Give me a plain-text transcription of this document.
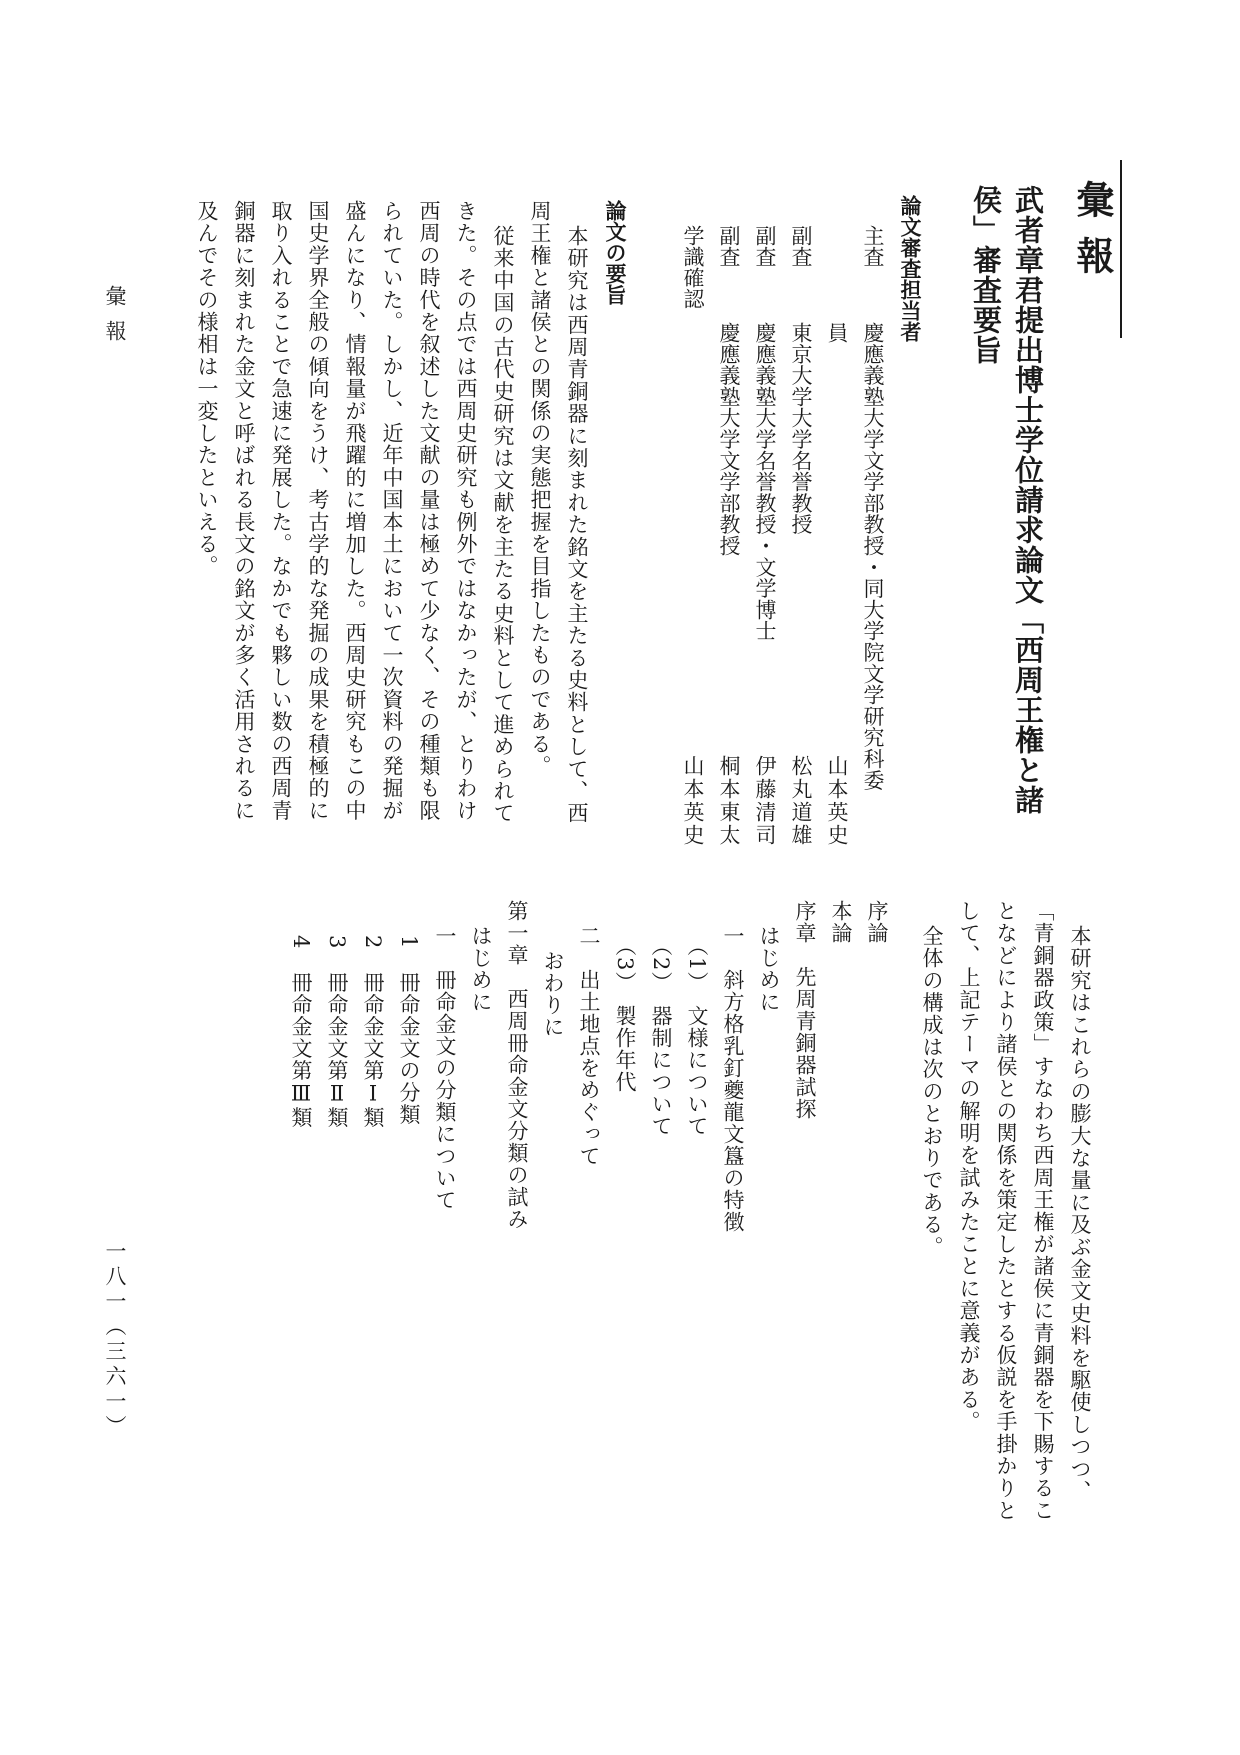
彙報
武者章君提出博士学位請求論文「西周王権と諸
侯」審査要旨
論文審査担当者
主査
慶應義塾大学文学部教授・同大学院文学研究科委
員
山本英史
副査
東京大学大学名誉教授
松丸道雄
副査
慶應義塾大学名誉教授・文学博士
伊藤清司
副査
慶應義塾大学文学部教授
桐本東太
学識確認
山本英史
論文の要旨
本研究は西周青銅器に刻まれた銘文を主たる史料として、西
周王権と諸侯との関係の実態把握を目指したものである。
従来中国の古代史研究は文献を主たる史料として進められて
きた。その点では西周史研究も例外ではなかったが、とりわけ
西周の時代を叙述した文献の量は極めて少なく、その種類も限
られていた。しかし、近年中国本土において一次資料の発掘が
盛んになり、情報量が飛躍的に増加した。西周史研究もこの中
国史学界全般の傾向をうけ、考古学的な発掘の成果を積極的に
取り入れることで急速に発展した。なかでも夥しい数の西周青
銅器に刻まれた金文と呼ばれる長文の銘文が多く活用されるに
及んでその様相は一変したといえる。
本研究はこれらの膨大な量に及ぶ金文史料を駆使しつつ、
「青銅器政策」すなわち西周王権が諸侯に青銅器を下賜するこ
となどにより諸侯との関係を策定したとする仮説を手掛かりと
して、上記テーマの解明を試みたことに意義がある。
全体の構成は次のとおりである。
序論
本論
序章　先周青銅器試探
はじめに
一　斜方格乳釘夔龍文簋の特徴
（1）　文様について
（2）　器制について
（3）　製作年代
二　出土地点をめぐって
おわりに
第一章　西周冊命金文分類の試み
はじめに
一　冊命金文の分類について
1　冊命金文の分類
2　冊命金文第Ⅰ類
3　冊命金文第Ⅱ類
4　冊命金文第Ⅲ類
彙報
一八一（三六一）
